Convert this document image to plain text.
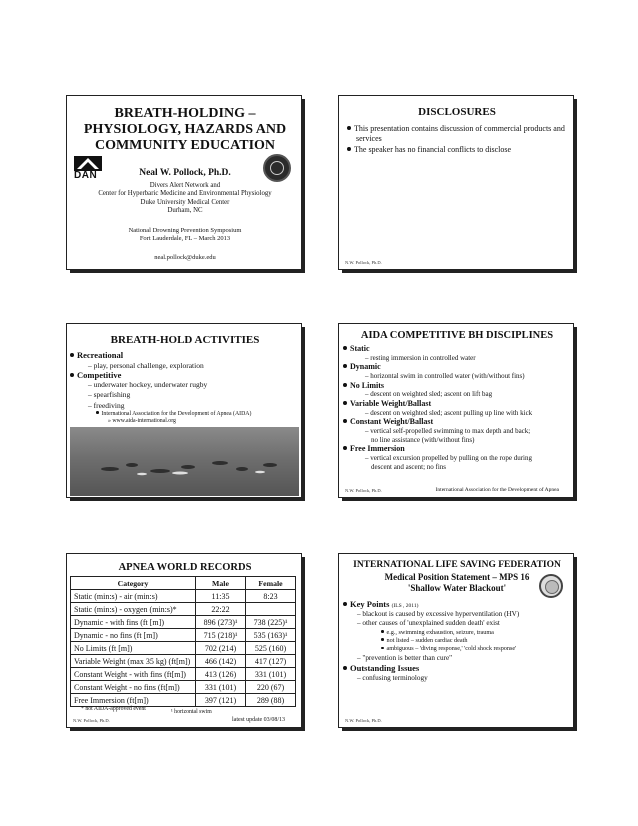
BREATH-HOLDING –
PHYSIOLOGY, HAZARDS AND
COMMUNITY EDUCATION
DAN	Neal W. Pollock, Ph.D.
Divers Alert Network and
Center for Hyperbaric Medicine and Environmental Physiology
Duke University Medical Center
Durham, NC
National Drowning Prevention Symposium
Fort Lauderdale, FL – March 2013
neal.pollock@duke.edu
DISCLOSURES
This presentation contains discussion of commercial products and services
The speaker has no financial conflicts to disclose
N.W. Pollock, Ph.D.
BREATH-HOLD ACTIVITIES
Recreational
– play, personal challenge, exploration
Competitive
– underwater hockey, underwater rugby
– spearfishing
– freediving
International Association for the Development of Apnea (AIDA)
» www.aida-international.org
AIDA COMPETITIVE BH DISCIPLINES
Static
– resting immersion in controlled water
Dynamic
– horizontal swim in controlled water (with/without fins)
No Limits
– descent on weighted sled; ascent on lift bag
Variable Weight/Ballast
– descent on weighted sled; ascent pulling up line with kick
Constant Weight/Ballast
– vertical self-propelled swimming to max depth and back;
no line assistance (with/without fins)
Free Immersion
– vertical excursion propelled by pulling on the rope during
descent and ascent; no fins
N.W. Pollock, Ph.D.	International Association for the Development of Apnea
APNEA WORLD RECORDS
Category	Male	Female
Static (min:s) - air (min:s)	11:35	8:23
Static (min:s) - oxygen (min:s)*	22:22	
Dynamic - with fins (ft [m])	896 (273)¹	738 (225)¹
Dynamic - no fins (ft [m])	715 (218)¹	535 (163)¹
No Limits (ft [m])	702 (214)	525 (160)
Variable Weight (max 35 kg) (ft[m])	466 (142)	417 (127)
Constant Weight - with fins (ft[m])	413 (126)	331 (101)
Constant Weight - no fins (ft[m])	331 (101)	220 (67)
Free Immersion (ft[m])	397 (121)	289 (88)
* not AIDA-approved event	¹ horizontal swim
latest update 03/08/13
N.W. Pollock, Ph.D.
INTERNATIONAL LIFE SAVING FEDERATION
Medical Position Statement – MPS 16
'Shallow Water Blackout'
Key Points (ILS , 2011)
– blackout is caused by excessive hyperventilation (HV)
– other causes of 'unexplained sudden death' exist
e.g., swimming exhaustion, seizure, trauma
not listed – sudden cardiac death
ambiguous – 'diving response,' 'cold shock response'
– "prevention is better than cure"
Outstanding Issues
– confusing terminology
N.W. Pollock, Ph.D.
